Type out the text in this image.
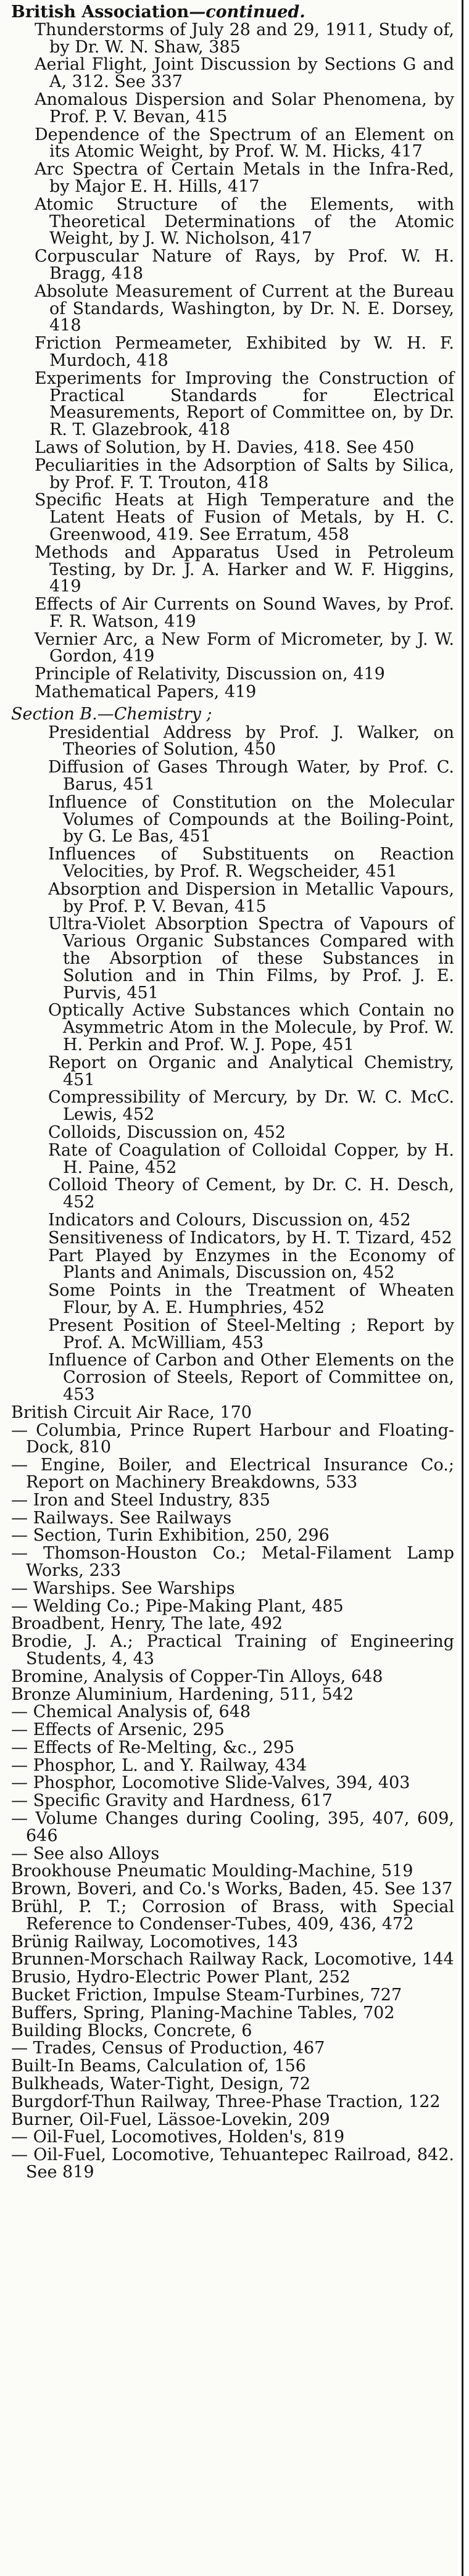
British Association—continued.

Thunderstorms of July 28 and 29, 1911, Study of, by Dr. W. N. Shaw, 385

Aerial Flight, Joint Discussion by Sections G and A, 312. See 337

Anomalous Dispersion and Solar Phenomena, by Prof. P. V. Bevan, 415

Dependence of the Spectrum of an Element on its Atomic Weight, by Prof. W. M. Hicks, 417

Arc Spectra of Certain Metals in the Infra-Red, by Major E. H. Hills, 417

Atomic Structure of the Elements, with Theoretical Determinations of the Atomic Weight, by J. W. Nicholson, 417

Corpuscular Nature of Rays, by Prof. W. H. Bragg, 418

Absolute Measurement of Current at the Bureau of Standards, Washington, by Dr. N. E. Dorsey, 418

Friction Permeameter, Exhibited by W. H. F. Murdoch, 418

Experiments for Improving the Construction of Practical Standards for Electrical Measurements, Report of Committee on, by Dr. R. T. Glazebrook, 418

Laws of Solution, by H. Davies, 418. See 450

Peculiarities in the Adsorption of Salts by Silica, by Prof. F. T. Trouton, 418

Specific Heats at High Temperature and the Latent Heats of Fusion of Metals, by H. C. Greenwood, 419. See Erratum, 458

Methods and Apparatus Used in Petroleum Testing, by Dr. J. A. Harker and W. F. Higgins, 419

Effects of Air Currents on Sound Waves, by Prof. F. R. Watson, 419

Vernier Arc, a New Form of Micrometer, by J. W. Gordon, 419

Principle of Relativity, Discussion on, 419

Mathematical Papers, 419

Section B.—Chemistry ;

Presidential Address by Prof. J. Walker, on Theories of Solution, 450

Diffusion of Gases Through Water, by Prof. C. Barus, 451

Influence of Constitution on the Molecular Volumes of Compounds at the Boiling-Point, by G. Le Bas, 451

Influences of Substituents on Reaction Velocities, by Prof. R. Wegscheider, 451

Absorption and Dispersion in Metallic Vapours, by Prof. P. V. Bevan, 415

Ultra-Violet Absorption Spectra of Vapours of Various Organic Substances Compared with the Absorption of these Substances in Solution and in Thin Films, by Prof. J. E. Purvis, 451

Optically Active Substances which Contain no Asymmetric Atom in the Molecule, by Prof. W. H. Perkin and Prof. W. J. Pope, 451

Report on Organic and Analytical Chemistry, 451

Compressibility of Mercury, by Dr. W. C. McC. Lewis, 452

Colloids, Discussion on, 452

Rate of Coagulation of Colloidal Copper, by H. H. Paine, 452

Colloid Theory of Cement, by Dr. C. H. Desch, 452

Indicators and Colours, Discussion on, 452

Sensitiveness of Indicators, by H. T. Tizard, 452

Part Played by Enzymes in the Economy of Plants and Animals, Discussion on, 452

Some Points in the Treatment of Wheaten Flour, by A. E. Humphries, 452

Present Position of Steel-Melting ; Report by Prof. A. McWilliam, 453

Influence of Carbon and Other Elements on the Corrosion of Steels, Report of Committee on, 453

British Circuit Air Race, 170

— Columbia, Prince Rupert Harbour and Floating-Dock, 810

— Engine, Boiler, and Electrical Insurance Co.; Report on Machinery Breakdowns, 533

— Iron and Steel Industry, 835

— Railways. See Railways

— Section, Turin Exhibition, 250, 296

— Thomson-Houston Co.; Metal-Filament Lamp Works, 233

— Warships. See Warships

— Welding Co.; Pipe-Making Plant, 485

Broadbent, Henry, The late, 492

Brodie, J. A.; Practical Training of Engineering Students, 4, 43

Bromine, Analysis of Copper-Tin Alloys, 648

Bronze Aluminium, Hardening, 511, 542

— Chemical Analysis of, 648

— Effects of Arsenic, 295

— Effects of Re-Melting, &c., 295

— Phosphor, L. and Y. Railway, 434

— Phosphor, Locomotive Slide-Valves, 394, 403

— Specific Gravity and Hardness, 617

— Volume Changes during Cooling, 395, 407, 609, 646

— See also Alloys

Brookhouse Pneumatic Moulding-Machine, 519

Brown, Boveri, and Co.'s Works, Baden, 45. See 137

Brühl, P. T.; Corrosion of Brass, with Special Reference to Condenser-Tubes, 409, 436, 472

Brünig Railway, Locomotives, 143

Brunnen-Morschach Railway Rack, Locomotive, 144

Brusio, Hydro-Electric Power Plant, 252

Bucket Friction, Impulse Steam-Turbines, 727

Buffers, Spring, Planing-Machine Tables, 702

Building Blocks, Concrete, 6

— Trades, Census of Production, 467

Built-In Beams, Calculation of, 156

Bulkheads, Water-Tight, Design, 72

Burgdorf-Thun Railway, Three-Phase Traction, 122

Burner, Oil-Fuel, Lässoe-Lovekin, 209

— Oil-Fuel, Locomotives, Holden's, 819

— Oil-Fuel, Locomotive, Tehuantepec Railroad, 842. See 819
